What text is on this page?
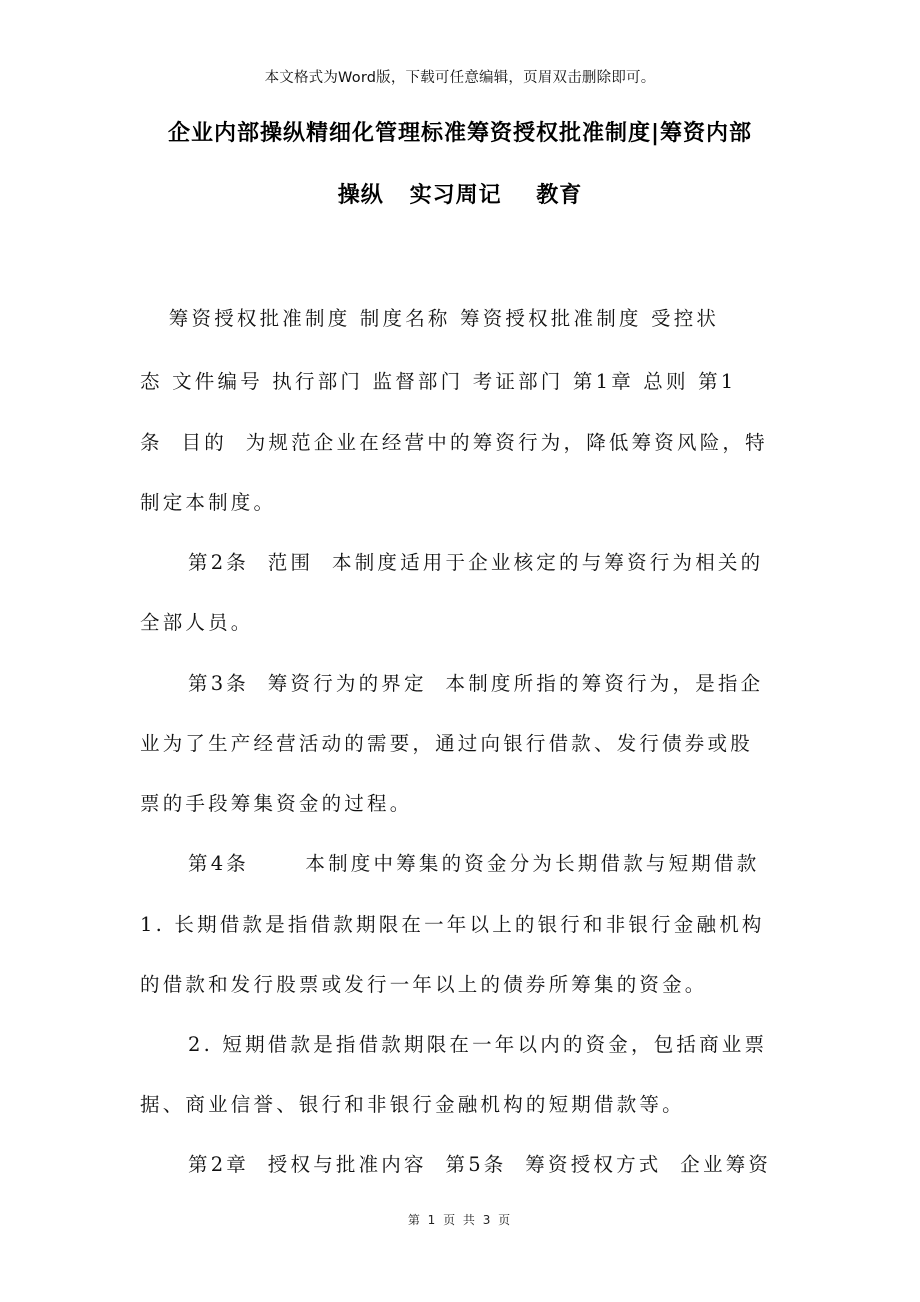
本文格式为Word版，下载可任意编辑，页眉双击删除即可。
企业内部操纵精细化管理标准筹资授权批准制度|筹资内部
操纵   实习周记    教育
筹资授权批准制度 制度名称 筹资授权批准制度 受控状
态 文件编号 执行部门 监督部门 考证部门 第1章 总则 第1
条  目的  为规范企业在经营中的筹资行为，降低筹资风险，特
制定本制度。
第2条  范围  本制度适用于企业核定的与筹资行为相关的
全部人员。
第3条  筹资行为的界定  本制度所指的筹资行为，是指企
业为了生产经营活动的需要，通过向银行借款、发行债券或股
票的手段筹集资金的过程。
第4条      本制度中筹集的资金分为长期借款与短期借款
1. 长期借款是指借款期限在一年以上的银行和非银行金融机构
的借款和发行股票或发行一年以上的债券所筹集的资金。
2. 短期借款是指借款期限在一年以内的资金，包括商业票
据、商业信誉、银行和非银行金融机构的短期借款等。
第2章  授权与批准内容  第5条  筹资授权方式  企业筹资
第 1 页 共 3 页
